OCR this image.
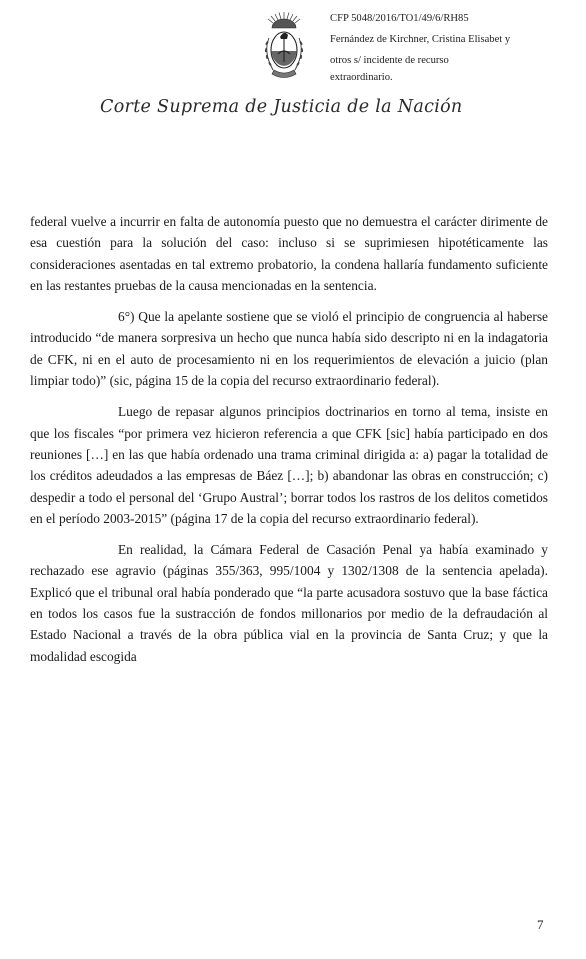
CFP 5048/2016/TO1/49/6/RH85
Fernández de Kirchner, Cristina Elisabet y
otros s/ incidente de recurso
extraordinario.
Corte Suprema de Justicia de la Nación

federal vuelve a incurrir en falta de autonomía puesto que no demuestra el carácter dirimente de esa cuestión para la solución del caso: incluso si se suprimiesen hipotéticamente las consideraciones asentadas en tal extremo probatorio, la condena hallaría fundamento suficiente en las restantes pruebas de la causa mencionadas en la sentencia.

6°) Que la apelante sostiene que se violó el principio de congruencia al haberse introducido “de manera sorpresiva un hecho que nunca había sido descripto ni en la indagatoria de CFK, ni en el auto de procesamiento ni en los requerimientos de elevación a juicio (plan limpiar todo)” (sic, página 15 de la copia del recurso extraordinario federal).

Luego de repasar algunos principios doctrinarios en torno al tema, insiste en que los fiscales “por primera vez hicieron referencia a que CFK [sic] había participado en dos reuniones […] en las que había ordenado una trama criminal dirigida a: a) pagar la totalidad de los créditos adeudados a las empresas de Báez […]; b) abandonar las obras en construcción; c) despedir a todo el personal del ‘Grupo Austral’; borrar todos los rastros de los delitos cometidos en el período 2003-2015” (página 17 de la copia del recurso extraordinario federal).

En realidad, la Cámara Federal de Casación Penal ya había examinado y rechazado ese agravio (páginas 355/363, 995/1004 y 1302/1308 de la sentencia apelada). Explicó que el tribunal oral había ponderado que “la parte acusadora sostuvo que la base fáctica en todos los casos fue la sustracción de fondos millonarios por medio de la defraudación al Estado Nacional a través de la obra pública vial en la provincia de Santa Cruz; y que la modalidad escogida

7
